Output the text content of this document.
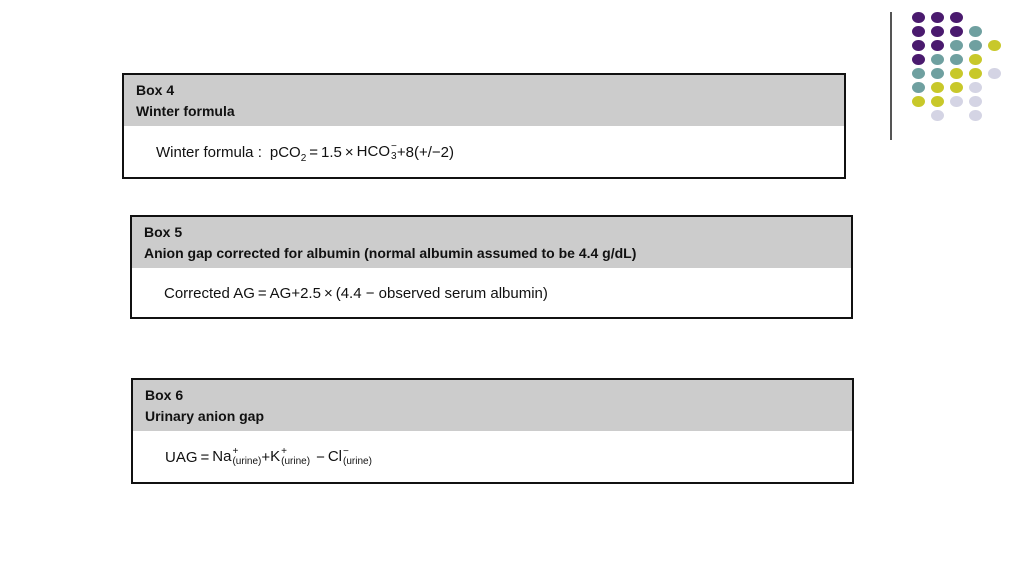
Box 4
Winter formula
Winter formula : pCO$_2$ = 1.5 × HCO −
3 +8 (+/−2)
Box 5
Anion gap corrected for albumin (normal albumin assumed to be 4.4 g/dL)
Corrected AG = AG+2.5 × ( 4.4 − observed serum albumin )
Box 6
Urinary anion gap
UAG = Na +
(urine) + K +
(urine) − Cl −
(urine)
